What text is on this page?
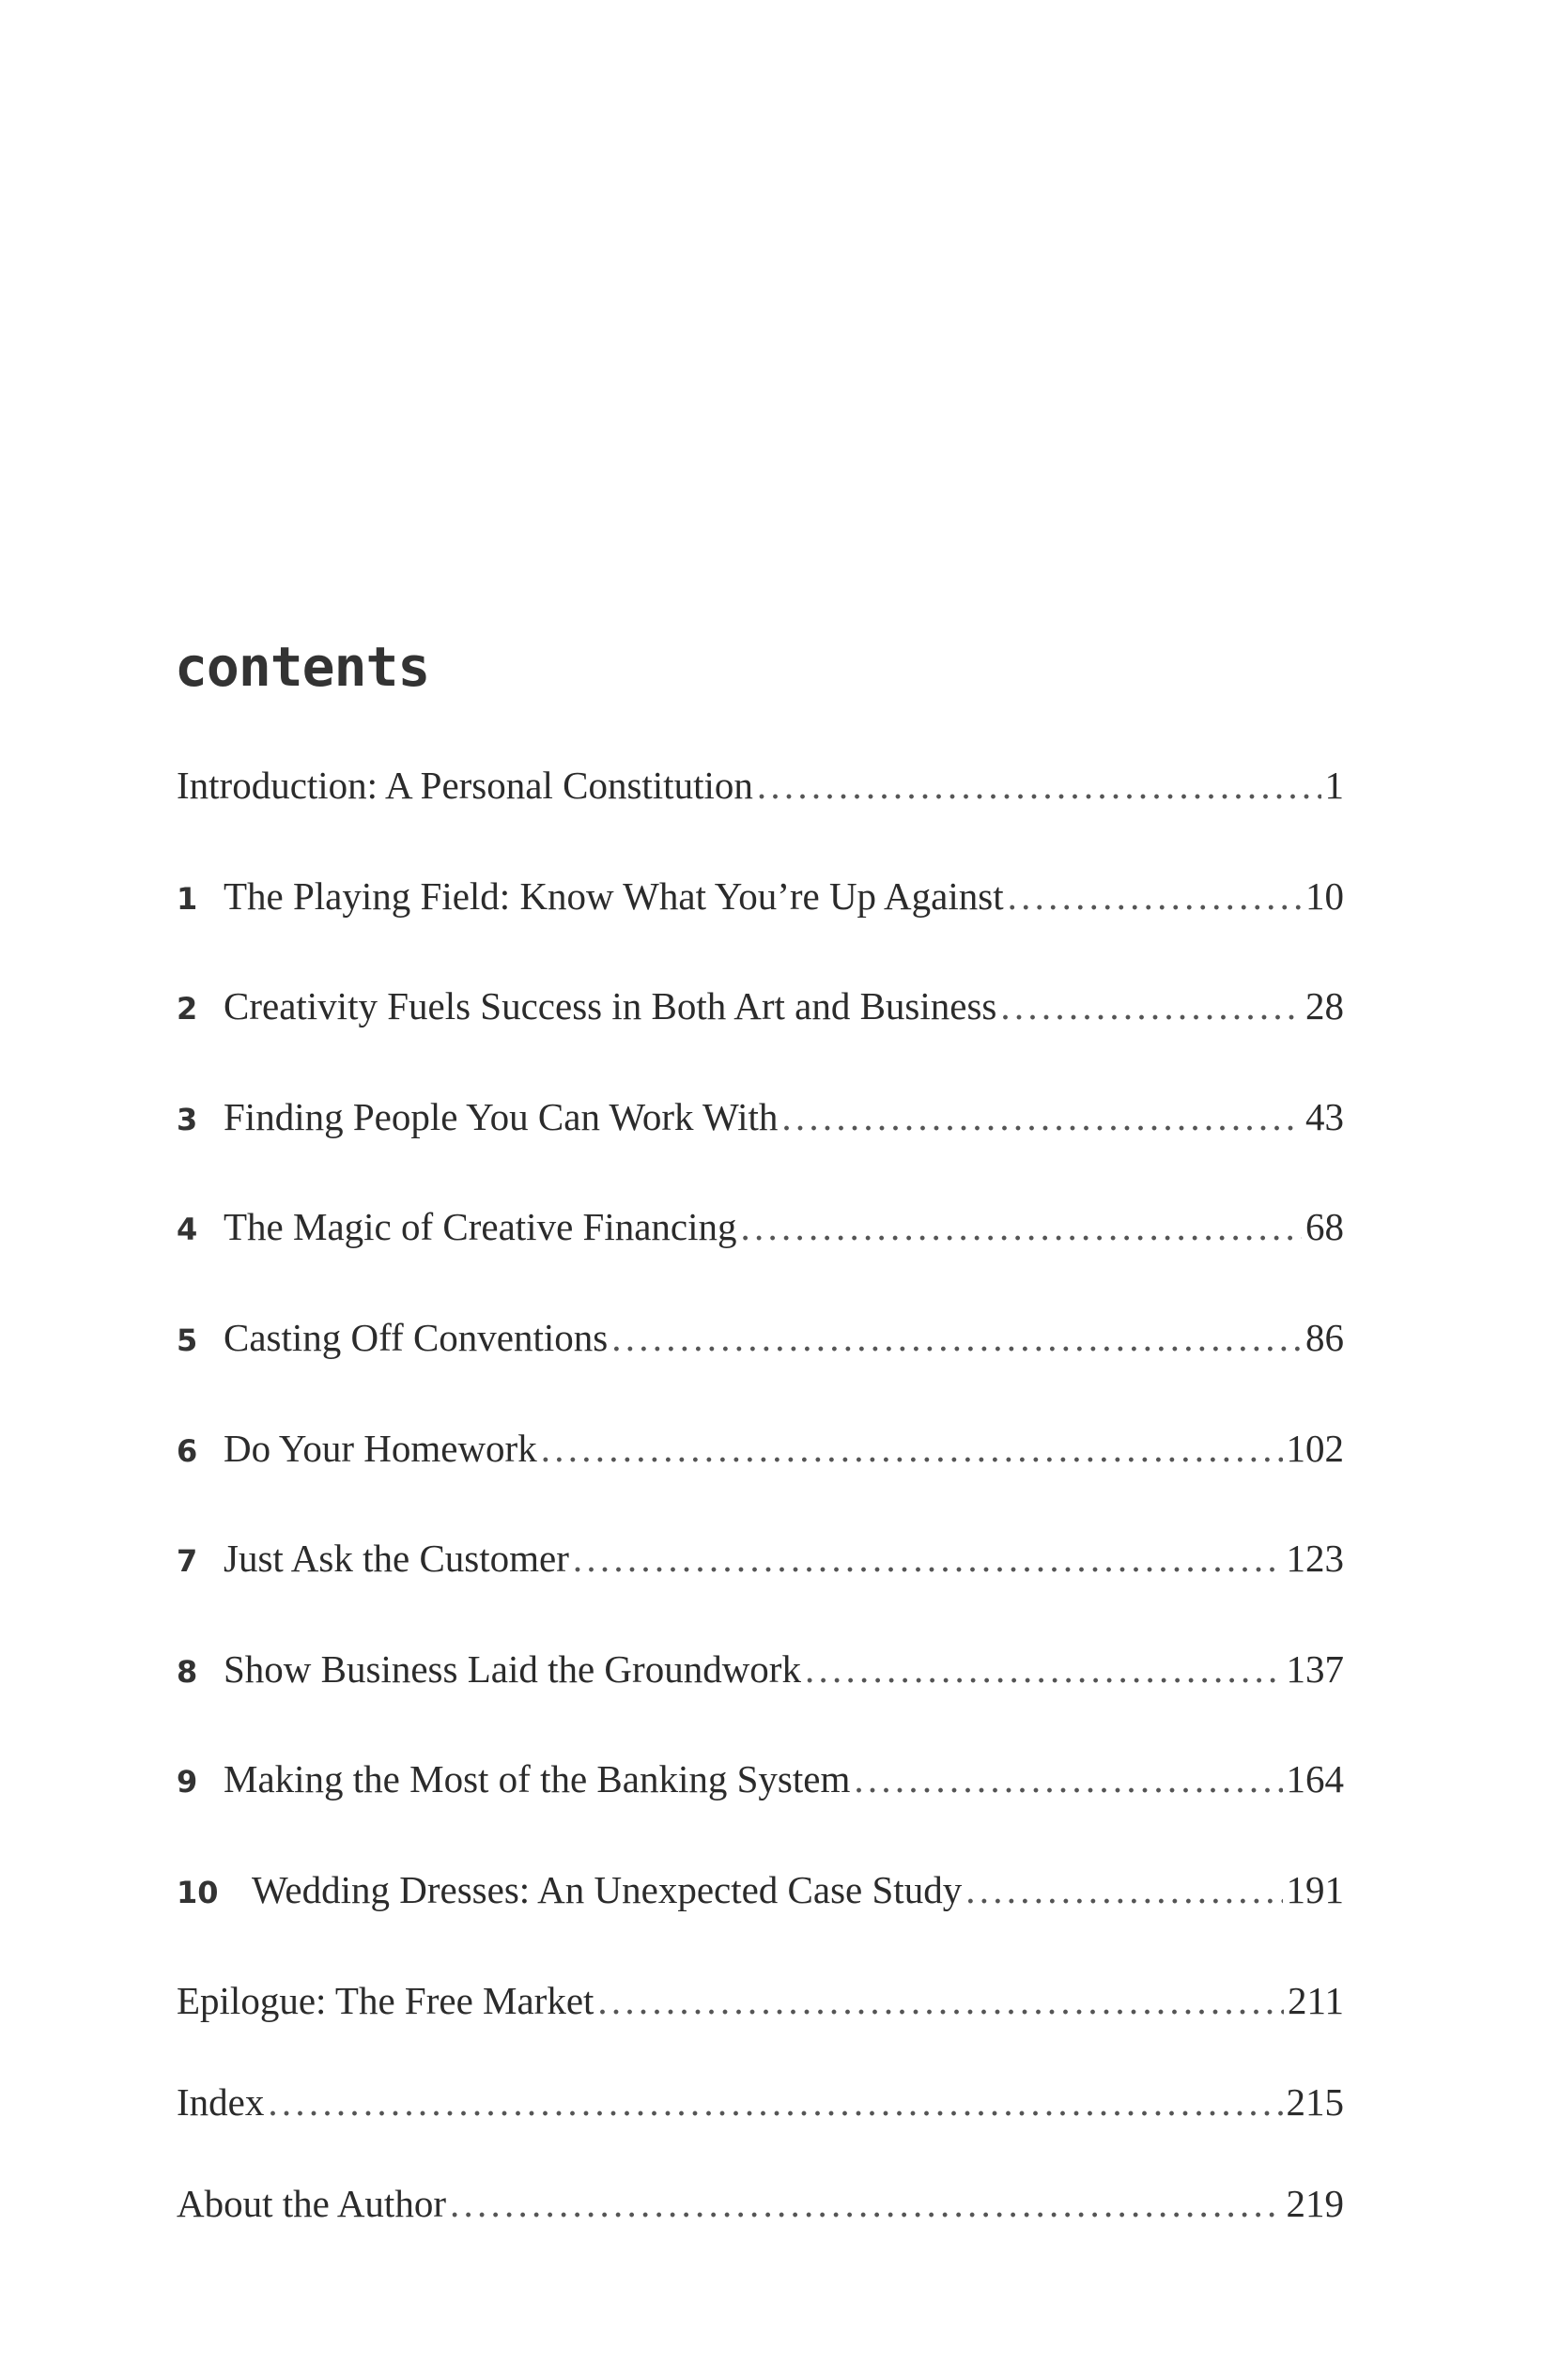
contents
Introduction: A Personal Constitution . . .	1
1 The Playing Field: Know What You’re Up Against . . .	10
2 Creativity Fuels Success in Both Art and Business . . .	28
3 Finding People You Can Work With . . .	43
4 The Magic of Creative Financing . . .	68
5 Casting Off Conventions . . .	86
6 Do Your Homework . . .	102
7 Just Ask the Customer . . .	123
8 Show Business Laid the Groundwork . . .	137
9 Making the Most of the Banking System . . .	164
10 Wedding Dresses: An Unexpected Case Study . . .	191
Epilogue: The Free Market . . .	211
Index . . .	215
About the Author . . .	219
